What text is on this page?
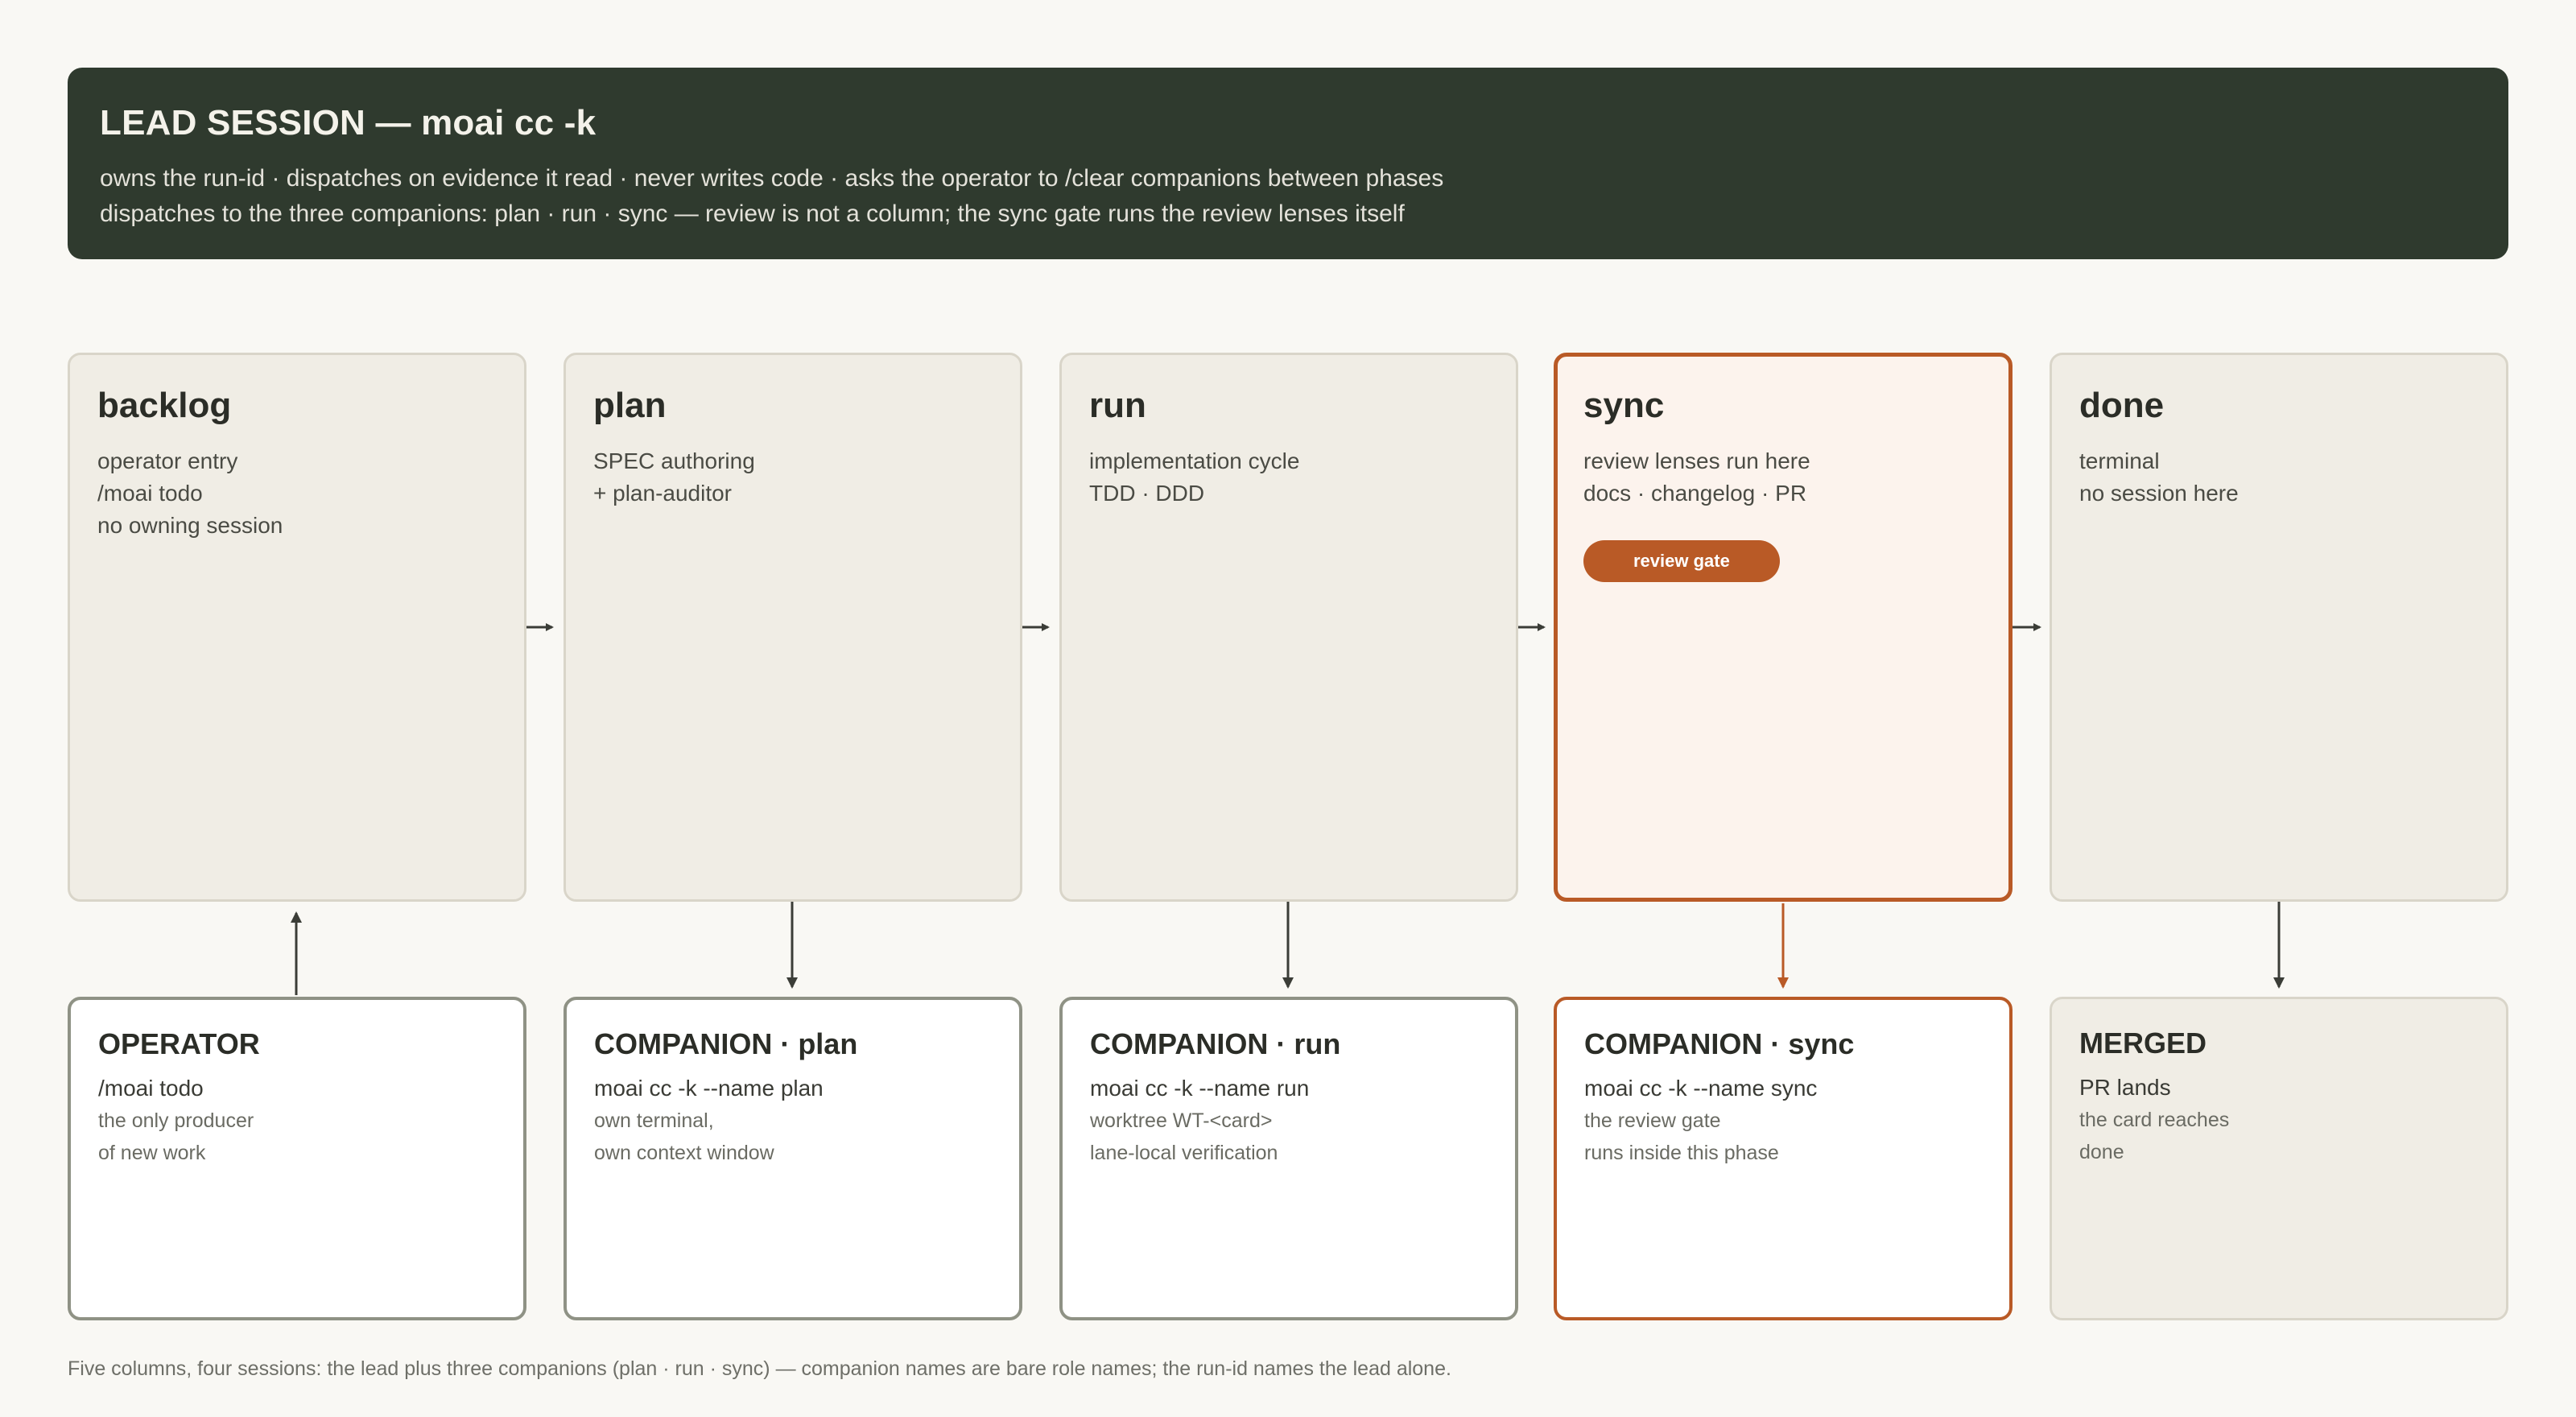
LEAD SESSION — moai cc -k
owns the run-id · dispatches on evidence it read · never writes code · asks the operator to /clear companions between phases
dispatches to the three companions: plan · run · sync — review is not a column; the sync gate runs the review lenses itself
backlog
operator entry
/moai todo
no owning session
plan
SPEC authoring
+ plan-auditor
run
implementation cycle
TDD · DDD
sync
review lenses run here
docs · changelog · PR
review gate
done
terminal
no session here
OPERATOR
/moai todo
the only producer
of new work
COMPANION · plan
moai cc -k --name plan
own terminal,
own context window
COMPANION · run
moai cc -k --name run
worktree WT-<card>
lane-local verification
COMPANION · sync
moai cc -k --name sync
the review gate
runs inside this phase
MERGED
PR lands
the card reaches
done
Five columns, four sessions: the lead plus three companions (plan · run · sync) — companion names are bare role names; the run-id names the lead alone.
